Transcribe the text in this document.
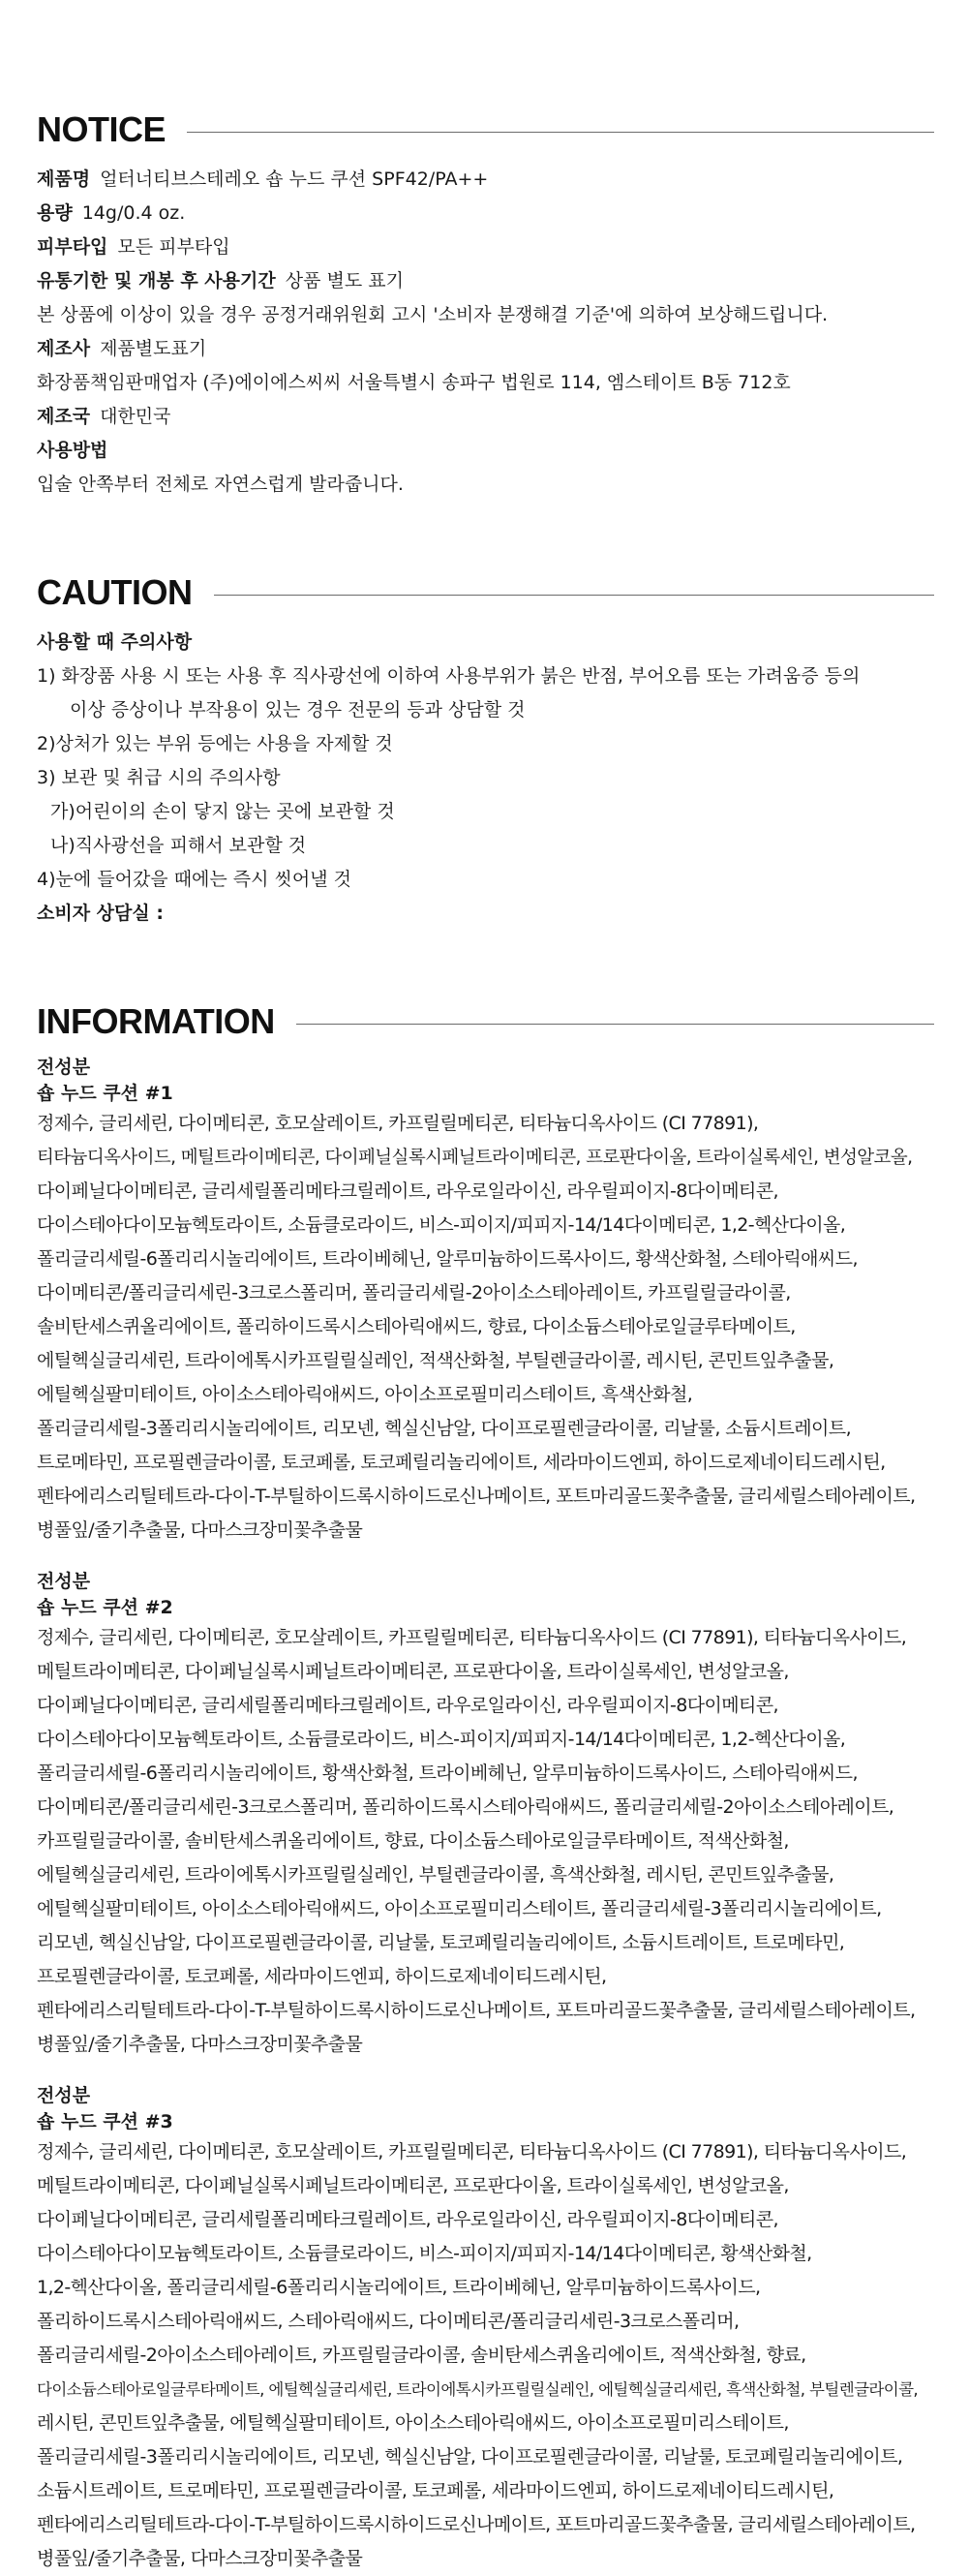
NOTICE
제품명 얼터너티브스테레오 숍 누드 쿠션 SPF42/PA++
용량 14g/0.4 oz.
피부타입 모든 피부타입
유통기한 및 개봉 후 사용기간 상품 별도 표기
본 상품에 이상이 있을 경우 공정거래위원회 고시 '소비자 분쟁해결 기준'에 의하여 보상해드립니다.
제조사 제품별도표기
화장품책임판매업자 (주)에이에스씨씨 서울특별시 송파구 법원로 114, 엠스테이트 B동 712호
제조국 대한민국
사용방법
입술 안쪽부터 전체로 자연스럽게 발라줍니다.
CAUTION
사용할 때 주의사항
1) 화장품 사용 시 또는 사용 후 직사광선에 이하여 사용부위가 붉은 반점, 부어오름 또는 가려움증 등의
이상 증상이나 부작용이 있는 경우 전문의 등과 상담할 것
2)상처가 있는 부위 등에는 사용을 자제할 것
3) 보관 및 취급 시의 주의사항
가)어린이의 손이 닿지 않는 곳에 보관할 것
나)직사광선을 피해서 보관할 것
4)눈에 들어갔을 때에는 즉시 씻어낼 것
소비자 상담실 :
INFORMATION
전성분
숍 누드 쿠션 #1
정제수, 글리세린, 다이메티콘, 호모살레이트, 카프릴릴메티콘, 티타늄디옥사이드 (CI 77891),
티타늄디옥사이드, 메틸트라이메티콘, 다이페닐실록시페닐트라이메티콘, 프로판다이올, 트라이실록세인, 변성알코올,
다이페닐다이메티콘, 글리세릴폴리메타크릴레이트, 라우로일라이신, 라우릴피이지-8다이메티콘,
다이스테아다이모늄헥토라이트, 소듐클로라이드, 비스-피이지/피피지-14/14다이메티콘, 1,2-헥산다이올,
폴리글리세릴-6폴리리시놀리에이트, 트라이베헤닌, 알루미늄하이드록사이드, 황색산화철, 스테아릭애씨드,
다이메티콘/폴리글리세린-3크로스폴리머, 폴리글리세릴-2아이소스테아레이트, 카프릴릴글라이콜,
솔비탄세스퀴올리에이트, 폴리하이드록시스테아릭애씨드, 향료, 다이소듐스테아로일글루타메이트,
에틸헥실글리세린, 트라이에톡시카프릴릴실레인, 적색산화철, 부틸렌글라이콜, 레시틴, 콘민트잎추출물,
에틸헥실팔미테이트, 아이소스테아릭애씨드, 아이소프로필미리스테이트, 흑색산화철,
폴리글리세릴-3폴리리시놀리에이트, 리모넨, 헥실신남알, 다이프로필렌글라이콜, 리날룰, 소듐시트레이트,
트로메타민, 프로필렌글라이콜, 토코페롤, 토코페릴리놀리에이트, 세라마이드엔피, 하이드로제네이티드레시틴,
펜타에리스리틸테트라-다이-T-부틸하이드록시하이드로신나메이트, 포트마리골드꽃추출물, 글리세릴스테아레이트,
병풀잎/줄기추출물, 다마스크장미꽃추출물
전성분
숍 누드 쿠션 #2
정제수, 글리세린, 다이메티콘, 호모살레이트, 카프릴릴메티콘, 티타늄디옥사이드 (CI 77891), 티타늄디옥사이드,
메틸트라이메티콘, 다이페닐실록시페닐트라이메티콘, 프로판다이올, 트라이실록세인, 변성알코올,
다이페닐다이메티콘, 글리세릴폴리메타크릴레이트, 라우로일라이신, 라우릴피이지-8다이메티콘,
다이스테아다이모늄헥토라이트, 소듐클로라이드, 비스-피이지/피피지-14/14다이메티콘, 1,2-헥산다이올,
폴리글리세릴-6폴리리시놀리에이트, 황색산화철, 트라이베헤닌, 알루미늄하이드록사이드, 스테아릭애씨드,
다이메티콘/폴리글리세린-3크로스폴리머, 폴리하이드록시스테아릭애씨드, 폴리글리세릴-2아이소스테아레이트,
카프릴릴글라이콜, 솔비탄세스퀴올리에이트, 향료, 다이소듐스테아로일글루타메이트, 적색산화철,
에틸헥실글리세린, 트라이에톡시카프릴릴실레인, 부틸렌글라이콜, 흑색산화철, 레시틴, 콘민트잎추출물,
에틸헥실팔미테이트, 아이소스테아릭애씨드, 아이소프로필미리스테이트, 폴리글리세릴-3폴리리시놀리에이트,
리모넨, 헥실신남알, 다이프로필렌글라이콜, 리날룰, 토코페릴리놀리에이트, 소듐시트레이트, 트로메타민,
프로필렌글라이콜, 토코페롤, 세라마이드엔피, 하이드로제네이티드레시틴,
펜타에리스리틸테트라-다이-T-부틸하이드록시하이드로신나메이트, 포트마리골드꽃추출물, 글리세릴스테아레이트,
병풀잎/줄기추출물, 다마스크장미꽃추출물
전성분
숍 누드 쿠션 #3
정제수, 글리세린, 다이메티콘, 호모살레이트, 카프릴릴메티콘, 티타늄디옥사이드 (CI 77891), 티타늄디옥사이드,
메틸트라이메티콘, 다이페닐실록시페닐트라이메티콘, 프로판다이올, 트라이실록세인, 변성알코올,
다이페닐다이메티콘, 글리세릴폴리메타크릴레이트, 라우로일라이신, 라우릴피이지-8다이메티콘,
다이스테아다이모늄헥토라이트, 소듐클로라이드, 비스-피이지/피피지-14/14다이메티콘, 황색산화철,
1,2-헥산다이올, 폴리글리세릴-6폴리리시놀리에이트, 트라이베헤닌, 알루미늄하이드록사이드,
폴리하이드록시스테아릭애씨드, 스테아릭애씨드, 다이메티콘/폴리글리세린-3크로스폴리머,
폴리글리세릴-2아이소스테아레이트, 카프릴릴글라이콜, 솔비탄세스퀴올리에이트, 적색산화철, 향료,
다이소듐스테아로일글루타메이트, 에틸헥실글리세린, 트라이에톡시카프릴릴실레인, 에틸헥실글리세린, 흑색산화철, 부틸렌글라이콜,
레시틴, 콘민트잎추출물, 에틸헥실팔미테이트, 아이소스테아릭애씨드, 아이소프로필미리스테이트,
폴리글리세릴-3폴리리시놀리에이트, 리모넨, 헥실신남알, 다이프로필렌글라이콜, 리날룰, 토코페릴리놀리에이트,
소듐시트레이트, 트로메타민, 프로필렌글라이콜, 토코페롤, 세라마이드엔피, 하이드로제네이티드레시틴,
펜타에리스리틸테트라-다이-T-부틸하이드록시하이드로신나메이트, 포트마리골드꽃추출물, 글리세릴스테아레이트,
병풀잎/줄기추출물, 다마스크장미꽃추출물
